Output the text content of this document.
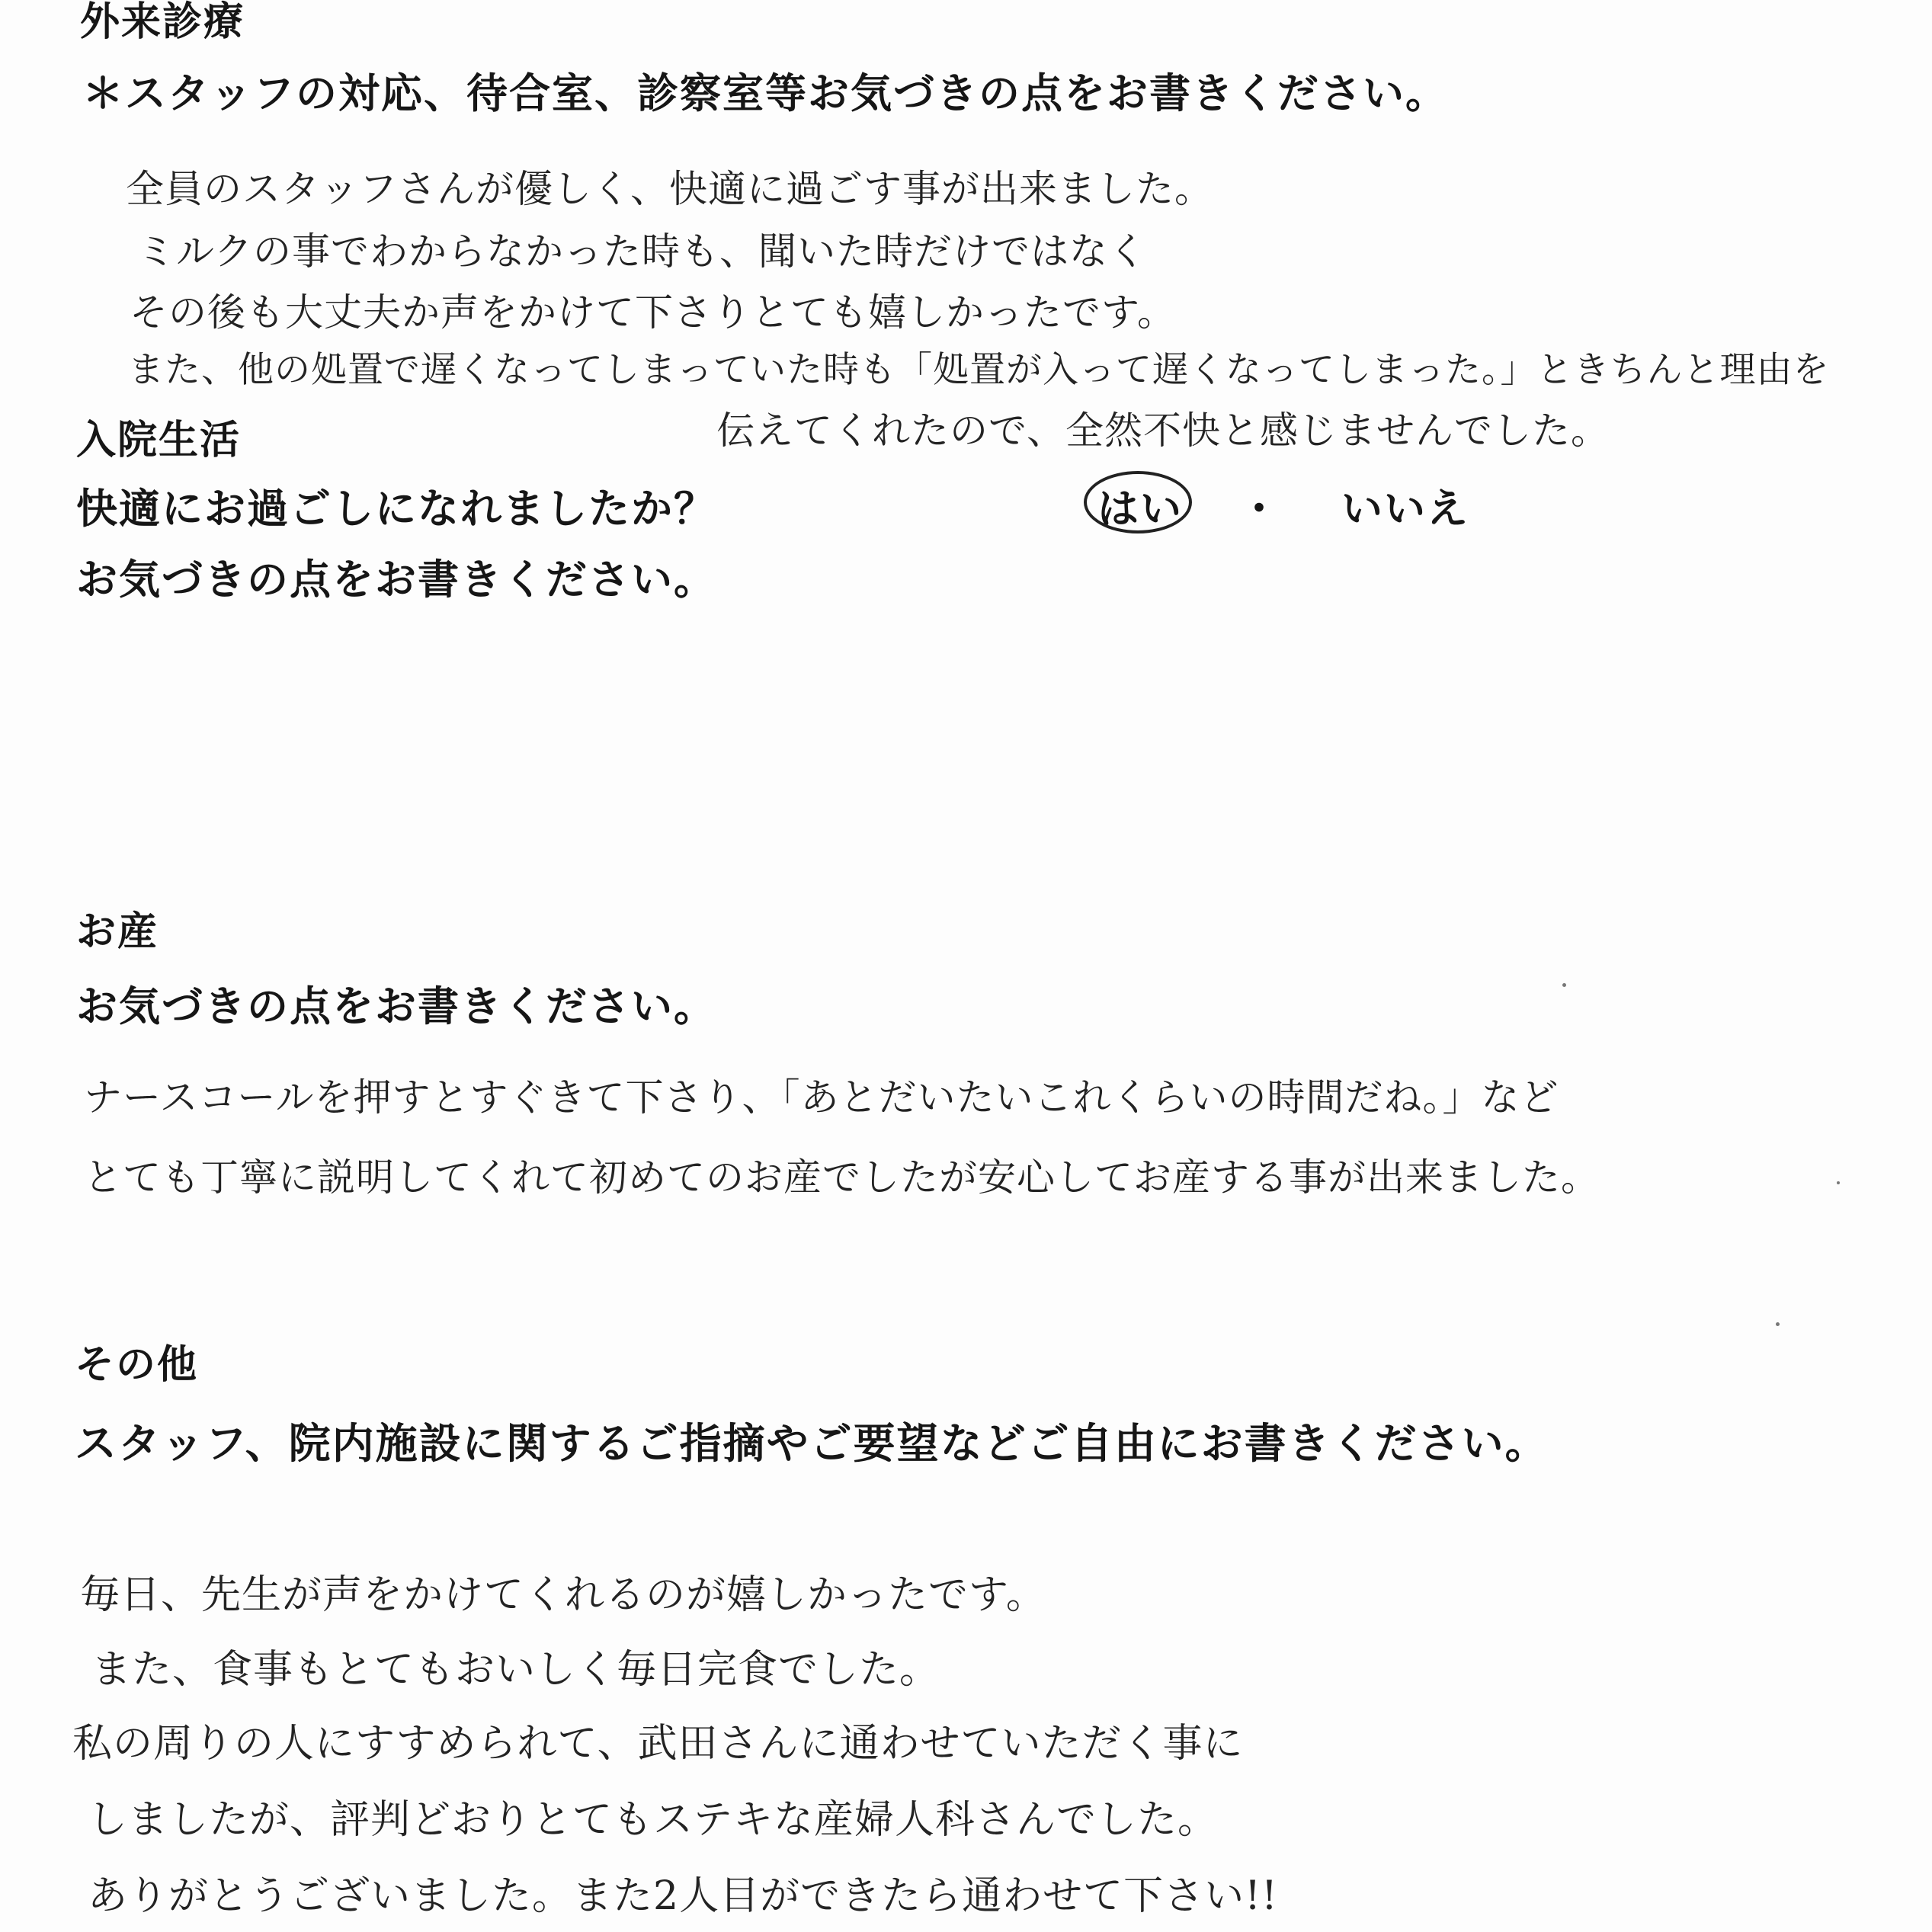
外来診療
＊スタッフの対応、待合室、診察室等お気づきの点をお書きください。
全員のスタッフさんが優しく、快適に過ごす事が出来ました。
ミルクの事でわからなかった時も、聞いた時だけではなく
その後も大丈夫か声をかけて下さりとても嬉しかったです。
また、他の処置で遅くなってしまっていた時も「処置が入って遅くなってしまった。」ときちんと理由を
伝えてくれたので、全然不快と感じませんでした。
入院生活
快適にお過ごしになれましたか？	はい ・ いいえ
お気づきの点をお書きください。
お産
お気づきの点をお書きください。
ナースコールを押すとすぐきて下さり、「あとだいたいこれくらいの時間だね。」など
とても丁寧に説明してくれて初めてのお産でしたが安心してお産する事が出来ました。
その他
スタッフ、院内施設に関するご指摘やご要望などご自由にお書きください。
毎日、先生が声をかけてくれるのが嬉しかったです。
また、食事もとてもおいしく毎日完食でした。
私の周りの人にすすめられて、武田さんに通わせていただく事に
しましたが、評判どおりとてもステキな産婦人科さんでした。
ありがとうございました。また2人目ができたら通わせて下さい!!
